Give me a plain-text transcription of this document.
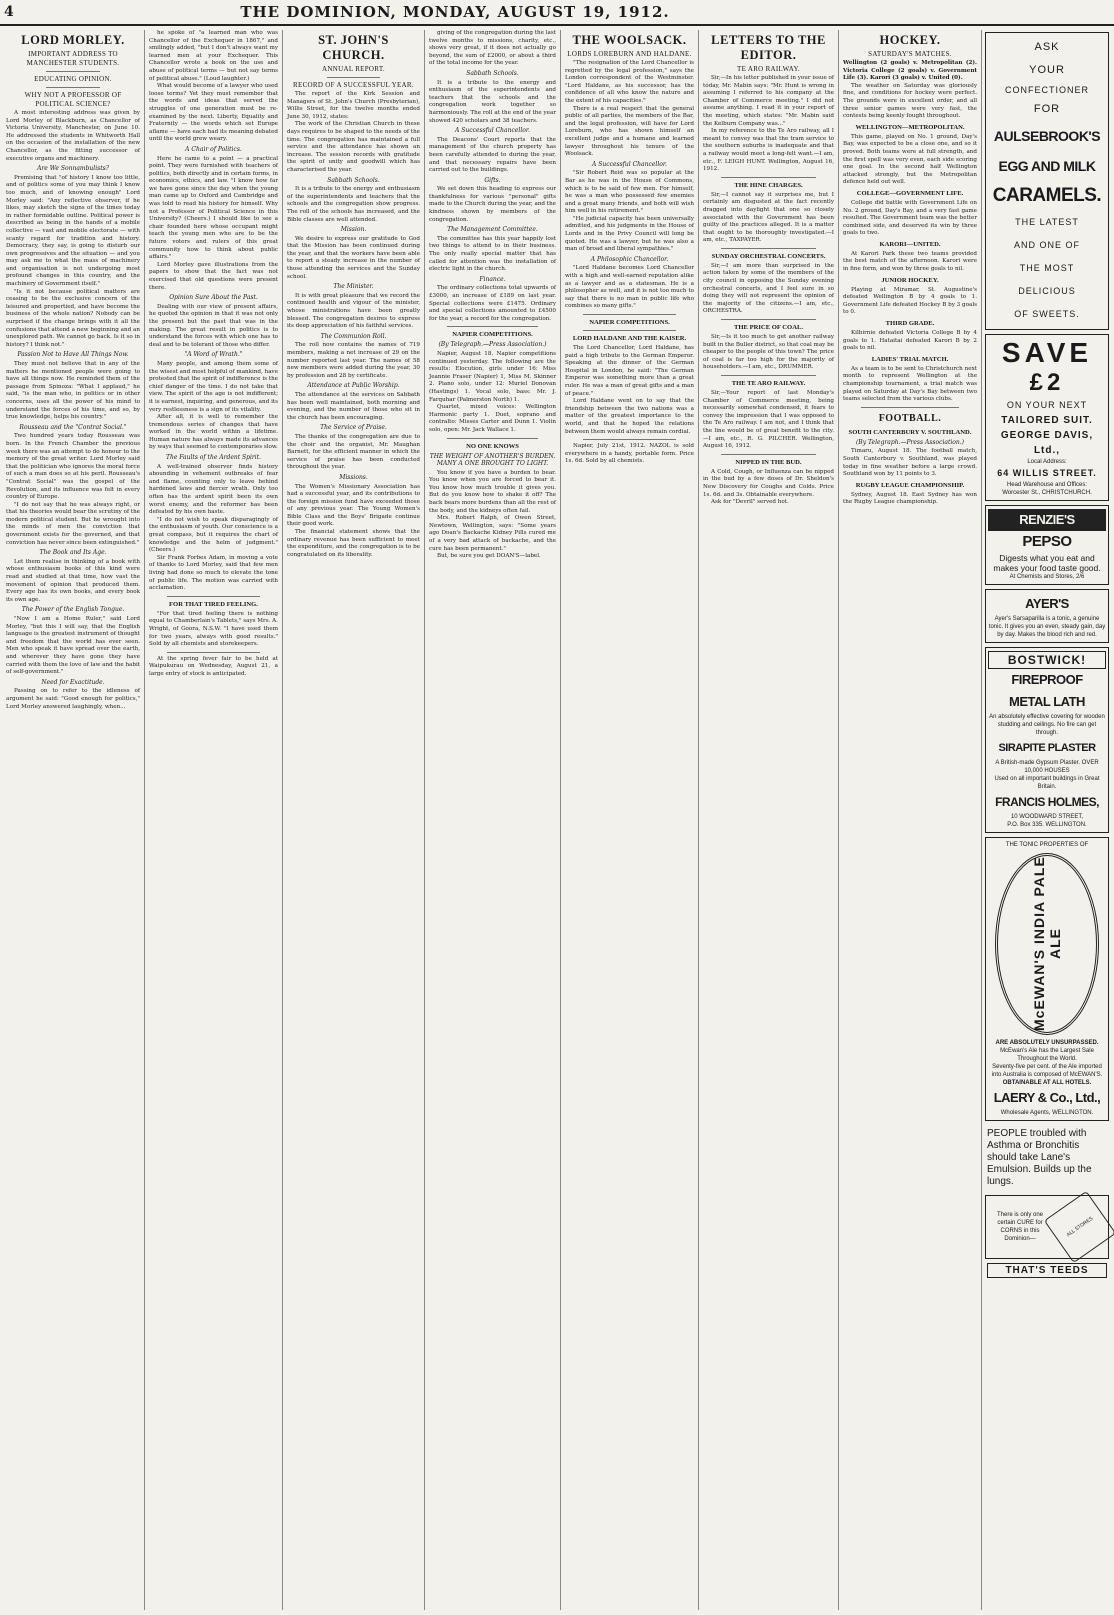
4	THE DOMINION, MONDAY, AUGUST 19, 1912.
LORD MORLEY.
IMPORTANT ADDRESS TO MANCHESTER STUDENTS.
EDUCATING OPINION.
WHY NOT A PROFESSOR OF POLITICAL SCIENCE?

A most interesting address was given by Lord Morley of Blackburn, as Chancellor of Victoria University, Manchester, on June 10. He addressed the students in Whitworth Hall on the occasion of the installation of the new Chancellor, as the fitting successor of executive organs and machinery.

Are We Sonnambulists?

Premising that "of history I know too little, and of politics some of you may think I know too much, and of knowing enough" Lord Morley said: "Any reflective observer, if he likes, may sketch the signs of the times today in rather formidable outline. Political power is described as being in the hands of a mobile collective — vast and mobile electorate — with scanty regard for tradition and history. Democracy, they say, is going to disturb our own progressives and the situation — and you may ask me to what the mass of machinery and organisation is not undergoing most profound changes in this country, and the machinery of Government itself."

"Is it not because political matters are ceasing to be the exclusive concern of the leisured and propertied, and have become the business of the whole nation? Nobody can be surprised if the change brings with it all the confusions that attend a new beginning and an unexplored path. We cannot go back. Is it so in history? I think not."

Passion Not to Have All Things Now.

They must not believe that in any of the matters he mentioned people were going to have all things now. He reminded them of the passage from Spinoza: "What I applaud," he said, "is the man who, in politics or in other concerns, uses all the power of his mind to understand the forces of his time, and so, by true knowledge, helps his country."

Rousseau and the "Contrat Social."

Two hundred years today Rousseau was born. In the French Chamber the previous week there was an attempt to do honour to the memory of the great writer. Lord Morley said that the politician who ignores the moral force of such a man does so at his peril. Rousseau's "Contrat Social" was the gospel of the Revolution, and its influence was felt in every country of Europe.

"I do not say that he was always right, or that his theories would bear the scrutiny of the modern political student. But he wrought into the minds of men the conviction that government exists for the governed, and that conviction has never since been extinguished."

The Book and Its Age.

Let them realise in thinking of a book with whose enthusiasm books of this kind were read and studied at that time, how vast the movement of opinion that produced them. Every age has its own books, and every book its own age.

The Power of the English Tongue.

"Now I am a Home Ruler," said Lord Morley, "but this I will say, that the English language is the greatest instrument of thought and freedom that the world has ever seen. Men who speak it have spread over the earth, and wherever they have gone they have carried with them the love of law and the habit of self-government."

Need for Exactitude.

Passing on to refer to the idleness of argument he said: "Good enough for politics," Lord Morley answered laughingly, when...

he spoke of "a learned man who was Chancellor of the Exchequer in 1867," and smilingly added, "but I don't always want my learned men at your Exchequer. This Chancellor wrote a book on the use and abuse of political terms — but not say terms of political abuse." (Loud laughter.)

What would become of a lawyer who used loose terms? Yet they must remember that the words and ideas that served the struggles of one generation must be re-examined by the next. Liberty, Equality and Fraternity — the words which set Europe aflame — have each had its meaning debated until the world grew weary.

A Chair of Politics.

Here he came to a point — a practical point. They were furnished with teachers of politics, both directly and in certain forms, in economics, ethics, and law. "I know how far we have gone since the day when the young man came up to Oxford and Cambridge and was told to read his history for himself. Why not a Professor of Political Science in this University? (Cheers.) I should like to see a chair founded here whose occupant might teach the young men who are to be the future voters and rulers of this great community how to think about public affairs."

Lord Morley gave illustrations from the papers to show that the fact was not exercised that old questions were present there.

Opinion Sure About the Past.

Dealing with our view of present affairs, he quoted the opinion in that it was not only the present but the past that was in the making. The great result in politics is to understand the forces with which one has to deal and to be tolerant of those who differ.

"A Word of Wrath."

Many people, and among them some of the wisest and most helpful of mankind, have protested that the spirit of indifference is the chief danger of the time. I do not take that view. The spirit of the age is not indifferent; it is earnest, inquiring, and generous, and its very restlessness is a sign of its vitality.

After all, it is well to remember the tremendous series of changes that have worked in the world within a lifetime. Human nature has always made its advances by ways that seemed to contemporaries slow.

The Faults of the Ardent Spirit.

A well-trained observer finds history abounding in vehement outbreaks of fear and flame, counting only to leave behind hardened laws and fiercer wrath. Only too often has the ardent spirit been its own worst enemy, and the reformer has been defeated by his own haste.

"I do not wish to speak disparagingly of the enthusiasm of youth. Our conscience is a great compass, but it requires the chart of knowledge and the helm of judgment." (Cheers.)

Sir Frank Forbes Adam, in moving a vote of thanks to Lord Morley, said that few men living had done so much to elevate the tone of public life. The motion was carried with acclamation.

FOR THAT TIRED FEELING.

"For that tired feeling there is nothing equal to Chamberlain's Tablets," says Mrs. A. Wright, of Goora, N.S.W. "I have used them for two years, always with good results." Sold by all chemists and storekeepers.

At the spring fever fair to be held at Waipukurau on Wednesday, August 21, a large entry of stock is anticipated.

ST. JOHN'S CHURCH.
ANNUAL REPORT.
RECORD OF A SUCCESSFUL YEAR.

The report of the Kirk Session and Managers of St. John's Church (Presbyterian), Willis Street, for the twelve months ended June 30, 1912, states:

The work of the Christian Church in these days requires to be shaped to the needs of the time. The congregation has maintained a full service and the attendance has shown an increase. The session records with gratitude the spirit of unity and goodwill which has characterised the year.

Sabbath Schools.

It is a tribute to the energy and enthusiasm of the superintendents and teachers that the schools and the congregation show progress. The roll of the schools has increased, and the Bible classes are well attended.

Mission.

We desire to express our gratitude to God that the Mission has been continued during the year, and that the workers have been able to report a steady increase in the number of those attending the services and the Sunday school.

The Minister.

It is with great pleasure that we record the continued health and vigour of the minister, whose ministrations have been greatly blessed. The congregation desires to express its deep appreciation of his faithful services.

The Communion Roll.

The roll now contains the names of 719 members, making a net increase of 29 on the number reported last year. The names of 58 new members were added during the year, 30 by profession and 28 by certificate.

Attendance at Public Worship.

The attendance at the services on Sabbath has been well maintained, both morning and evening, and the number of those who sit in the church has been encouraging.

The Service of Praise.

The thanks of the congregation are due to the choir and the organist, Mr. Maughan Barnett, for the efficient manner in which the service of praise has been conducted throughout the year.

Missions.

The Women's Missionary Association has had a successful year, and its contributions to the foreign mission fund have exceeded those of any previous year. The Young Women's Bible Class and the Boys' Brigade continue their good work.

The financial statement shows that the ordinary revenue has been sufficient to meet the expenditure, and the congregation is to be congratulated on its liberality.

giving of the congregation during the last twelve months to missions, charity, etc., shows very great, if it does not actually go beyond, the sum of £2000, or about a third of the total income for the year.

Sabbath Schools.

It is a tribute to the energy and enthusiasm of the superintendents and teachers that the schools and the congregation work together so harmoniously. The roll at the end of the year showed 420 scholars and 38 teachers.

A Successful Chancellor.

The Deacons' Court reports that the management of the church property has been carefully attended to during the year, and that necessary repairs have been carried out to the buildings.

Gifts.

We set down this heading to express our thankfulness for various "personal" gifts made to the Church during the year, and the kindness shown by members of the congregation.

The Management Committee.

The committee has this year happily lost two things to attend to in their business. The only really special matter that has called for attention was the installation of electric light in the church.

Finance.

The ordinary collections total upwards of £3000, an increase of £189 on last year. Special collections were £1475. Ordinary and special collections amounted to £4500 for the year, a record for the congregation.

NAPIER COMPETITIONS.
(By Telegraph.—Press Association.)

Napier, August 18. Napier competitions continued yesterday. The following are the results: Elocution, girls under 16: Miss Jeannie Fraser (Napier) 1, Miss M. Skinner 2. Piano solo, under 12: Muriel Donovan (Hastings) 1. Vocal solo, bass: Mr. J. Farquhar (Palmerston North) 1.

Quartet, mixed voices: Wellington Harmonic party 1. Duet, soprano and contralto: Misses Carter and Dunn 1. Violin solo, open: Mr. Jack Wallace 1.

NO ONE KNOWS
THE WEIGHT OF ANOTHER'S BURDEN. MANY A ONE BROUGHT TO LIGHT.

You know if you have a burden to bear. You know when you are forced to bear it. You know how much trouble it gives you. But do you know how to shake it off? The back bears more burdens than all the rest of the body, and the kidneys often fail.

Mrs. Robert Ralph, of Owen Street, Newtown, Wellington, says: "Some years ago Doan's Backache Kidney Pills cured me of a very bad attack of backache, and the cure has been permanent."

But, be sure you get DOAN'S—label.

THE WOOLSACK.
LORDS LOREBURN AND HALDANE.

"The resignation of the Lord Chancellor is regretted by the legal profession," says the London correspondent of the Westminster. "Lord Haldane, as his successor, has the confidence of all who know the nature and the extent of his capacities."

There is a real respect that the general public of all parties, the members of the Bar, and the legal profession, will have for Lord Loreburn, who has shown himself an excellent judge and a humane and learned lawyer throughout his tenure of the Woolsack.

A Successful Chancellor.

"Sir Robert Reid was so popular at the Bar as he was in the House of Commons, which is to be said of few men. For himself, he was a man who possessed few enemies and a great many friends, and both will wish him well in his retirement."

"He judicial capacity has been universally admitted, and his judgments in the House of Lords and in the Privy Council will long be quoted. He was a lawyer, but he was also a man of broad and liberal sympathies."

A Philosophic Chancellor.

"Lord Haldane becomes Lord Chancellor with a high and well-earned reputation alike as a lawyer and as a statesman. He is a philosopher as well, and it is not too much to say that there is no man in public life who combines so many gifts."

NAPIER COMPETITIONS.
LORD HALDANE AND THE KAISER.

The Lord Chancellor, Lord Haldane, has paid a high tribute to the German Emperor. Speaking at the dinner of the German Hospital in London, he said: "The German Emperor was something more than a great ruler. He was a man of great gifts and a man of peace."

Lord Haldane went on to say that the friendship between the two nations was a matter of the greatest importance to the world, and that he hoped the relations between them would always remain cordial.

Napier, July 21st, 1912. NAZOL is sold everywhere in a handy, portable form. Price 1s. 6d. Sold by all chemists.

LETTERS TO THE EDITOR.
TE ARO RAILWAY.

Sir,—In his letter published in your issue of today, Mr. Mabin says: "Mr. Hunt is wrong in assuming I referred to his company at the Chamber of Commerce meeting." I did not assume anything. I read it in your report of the meeting, which states: "Mr. Mabin said the Kelburn Company was..."

In my reference to the Te Aro railway, all I meant to convey was that the tram service to the southern suburbs is inadequate and that a railway would meet a long-felt want.—I am, etc., F. LEIGH HUNT. Wellington, August 16, 1912.

THE HINE CHARGES.

Sir,—I cannot say it surprises me, but I certainly am disgusted at the fact recently dragged into daylight that one so closely associated with the Government has been guilty of the practices alleged. It is a matter that ought to be thoroughly investigated.—I am, etc., TAXPAYER.

SUNDAY ORCHESTRAL CONCERTS.

Sir,—I am more than surprised in the action taken by some of the members of the city council in opposing the Sunday evening orchestral concerts, and I feel sure in so doing they will not represent the opinion of the majority of the citizens.—I am, etc., ORCHESTRA.

THE PRICE OF COAL.

Sir,—Is it too much to get another railway built in the Buller district, so that coal may be cheaper to the people of this town? The price of coal is far too high for the majority of householders.—I am, etc., DRUMMER.

THE TE ARO RAILWAY.

Sir,—Your report of last Monday's Chamber of Commerce meeting, being necessarily somewhat condensed, it fears to convey the impression that I was opposed to the Te Aro railway. I am not, and I think that the line would be of great benefit to the city.—I am, etc., R. G. PILCHER. Wellington, August 16, 1912.

NIPPED IN THE BUD.

A Cold, Cough, or Influenza can be nipped in the bud by a few doses of Dr. Sheldon's New Discovery for Coughs and Colds. Price 1s. 6d. and 3s. Obtainable everywhere.

Ask for "Devril" served hot.

HOCKEY.
SATURDAY'S MATCHES.

Wellington (2 goals) v. Metropolitan (2). Victoria College (2 goals) v. Government Life (3). Karori (3 goals) v. United (0).

The weather on Saturday was gloriously fine, and conditions for hockey were perfect. The grounds were in excellent order, and all three senior games were very fast, the contests being keenly fought throughout.

WELLINGTON—METROPOLITAN.

This game, played on No. 1 ground, Day's Bay, was expected to be a close one, and so it proved. Both teams were at full strength, and the first spell was very even, each side scoring one goal. In the second half Wellington attacked strongly, but the Metropolitan defence held out well.

COLLEGE—GOVERNMENT LIFE.

College did battle with Government Life on No. 2 ground, Day's Bay, and a very fast game resulted. The Government team was the better combined side, and deserved its win by three goals to two.

KARORI—UNITED.

At Karori Park these two teams provided the best match of the afternoon. Karori were in fine form, and won by three goals to nil.

JUNIOR HOCKEY.

Playing at Miramar, St. Augustine's defeated Wellington B by 4 goals to 1. Government Life defeated Hockey B by 3 goals to 0.

THIRD GRADE.

Kilbirnie defeated Victoria College B by 4 goals to 1. Hataitai defeated Karori B by 2 goals to nil.

LADIES' TRIAL MATCH.

As a team is to be sent to Christchurch next month to represent Wellington at the championship tournament, a trial match was played on Saturday at Day's Bay between two teams selected from the various clubs.

FOOTBALL.
SOUTH CANTERBURY V. SOUTHLAND.
(By Telegraph.—Press Association.)

Timaru, August 18. The football match, South Canterbury v. Southland, was played today in fine weather before a large crowd. Southland won by 11 points to 3.

RUGBY LEAGUE CHAMPIONSHIP.

Sydney, August 18. East Sydney has won the Rugby League championship.

ASK
YOUR
CONFECTIONER
FOR
AULSEBROOK'S
EGG AND MILK
CARAMELS.
THE LATEST
AND ONE OF
THE MOST
DELICIOUS
OF SWEETS.
SAVE
£2
ON YOUR NEXT
TAILORED SUIT.
GEORGE DAVIS, Ltd.,
Local Address:
64 WILLIS STREET.
Head Warehouse and Offices:
Worcester St., CHRISTCHURCH.
RENZIE'S
PEPSO
Digests what you eat and makes your food taste good.
At Chemists and Stores, 2/6
AYER'S
Ayer's Sarsaparilla is a tonic, a genuine tonic. It gives you an even, steady gain, day by day. Makes the blood rich and red.
BOSTWICK!
FIREPROOF
METAL LATH
An absolutely effective covering for wooden studding and ceilings. No fire can get through.
SIRAPITE PLASTER
A British-made Gypsum Plaster. OVER 10,000 HOUSES
Used on all important buildings in Great Britain.
FRANCIS HOLMES,
10 WOODWARD STREET,
P.O. Box 335. WELLINGTON.
THE TONIC PROPERTIES OF
McEWAN'S INDIA PALE ALE
ARE ABSOLUTELY UNSURPASSED.
McEwan's Ale has the Largest Sale Throughout the World.
Seventy-five per cent. of the Ale imported into Australia is composed of McEWAN'S.
OBTAINABLE AT ALL HOTELS.
LAERY & Co., Ltd.,
Wholesale Agents, WELLINGTON.
PEOPLE troubled with Asthma or Bronchitis should take Lane's Emulsion. Builds up the lungs.
There is only one certain CURE for CORNS in this Dominion—
ALL STORES
THAT'S TEEDS
